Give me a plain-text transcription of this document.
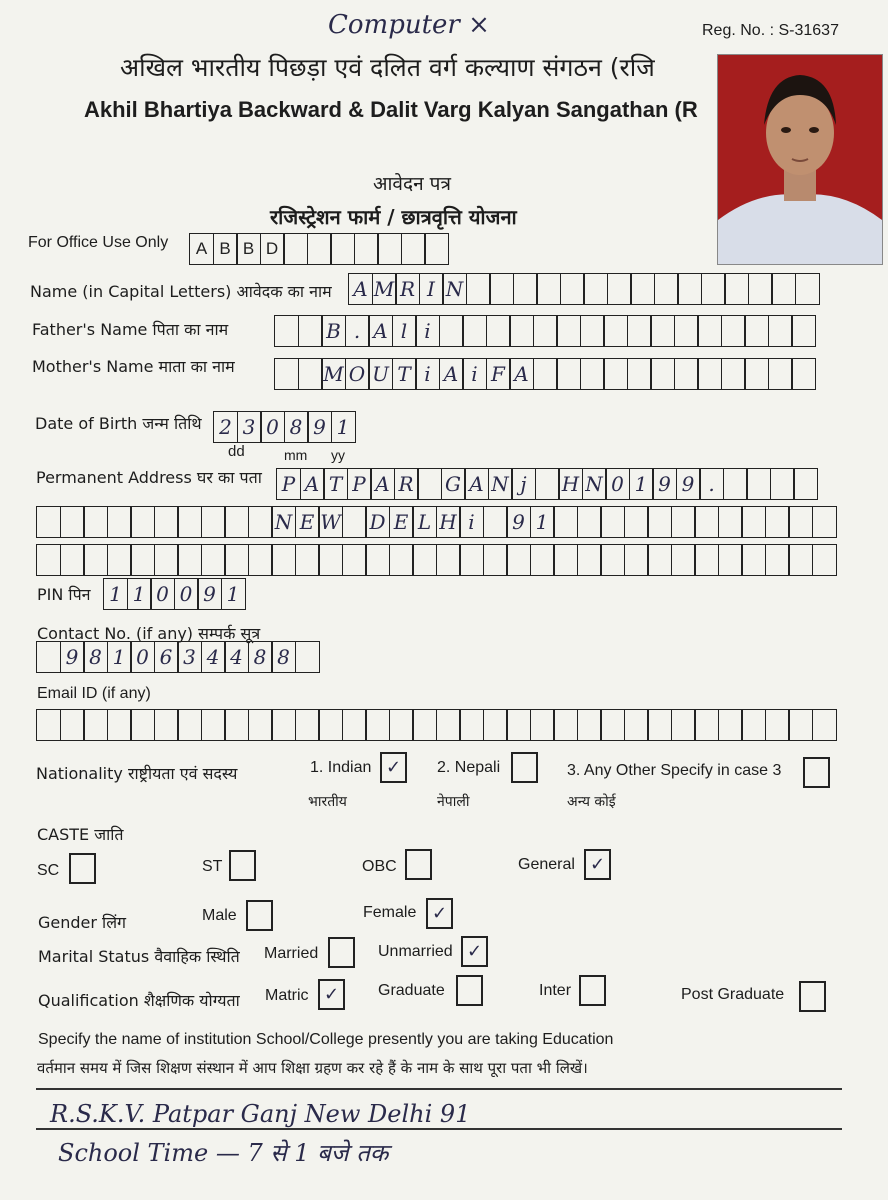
Computer ×	Reg. No. : S-31637
अखिल भारतीय पिछड़ा एवं दलित वर्ग कल्याण संगठन (रजि
Akhil Bhartiya Backward & Dalit Varg Kalyan Sangathan (R
आवेदन पत्र
रजिस्ट्रेशन फार्म / छात्रवृत्ति योजना
For Office Use Only	A B B D
Name (in Capital Letters) आवेदक का नाम A M R I N
Father's Name पिता का नाम	B . A l i
Mother's Name माता का नाम	M O U T i A i F A
Date of Birth जन्म तिथि 2 3 0 8 9 1
dd	mm yy
Permanent Address घर का पता P A T P A R G A N j	H N 0 1 9 9 .
N E W D E L H i	9 1
PIN पिन 1 1 0 0 9 1
Contact No. (if any) सम्पर्क सूत्र
9 8 1 0 6 3 4 4 8 8
Email ID (if any)
Nationality राष्ट्रीयता एवं सदस्य	1. Indian ✓
भारतीय
2. Nepali
नेपाली
3. Any Other Specify in case 3
अन्य कोई
CASTE जाति
SC	ST	OBC	General ✓
Gender लिंग	Male	Female ✓
Marital Status वैवाहिक स्थिति Married	Unmarried ✓
Qualification शैक्षणिक योग्यता Matric ✓	Graduate	Inter	Post Graduate
Specify the name of institution School/College presently you are taking Education
वर्तमान समय में जिस शिक्षण संस्थान में आप शिक्षा ग्रहण कर रहे हैं के नाम के साथ पूरा पता भी लिखें।
R.S.K.V. Patpar Ganj New Delhi 91
School Time — 7 से 1 बजे तक
